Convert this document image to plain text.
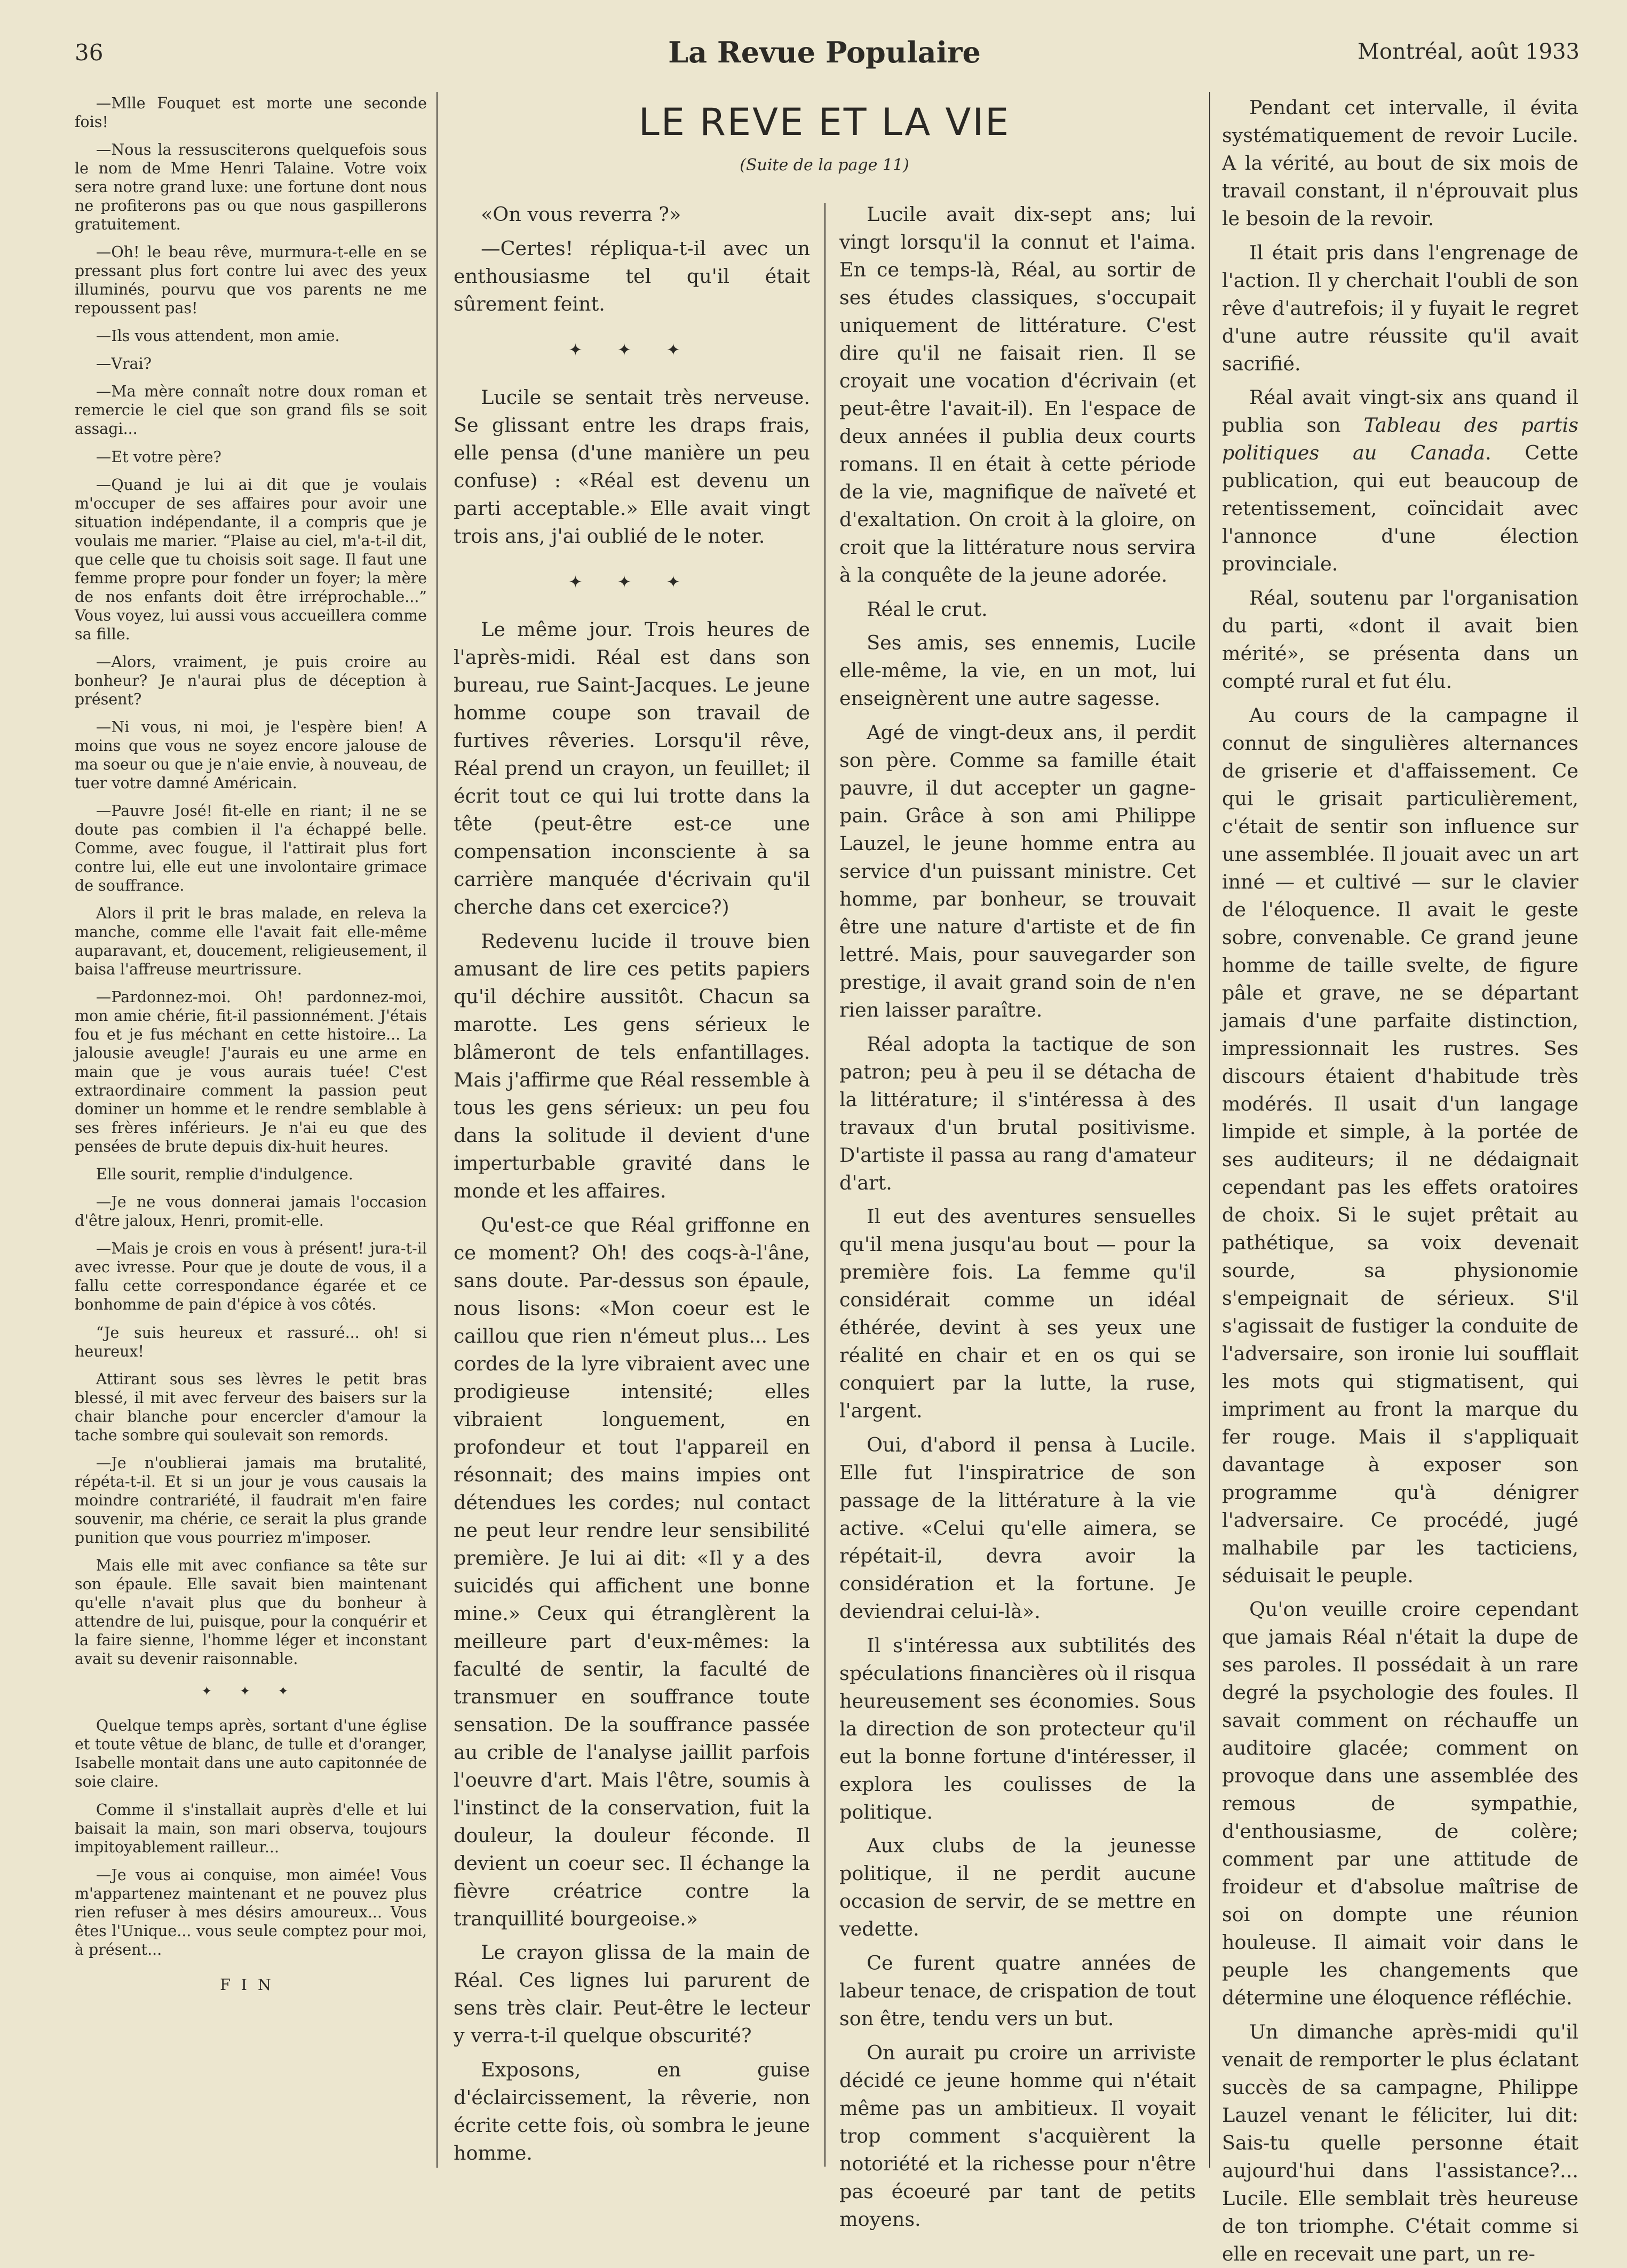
36	La Revue Populaire	Montréal, août 1933
LE REVE ET LA VIE
(Suite de la page 11)

—Mlle Fouquet est morte une seconde fois!

—Nous la ressusciterons quelquefois sous le nom de Mme Henri Talaine. Votre voix sera notre grand luxe: une fortune dont nous ne profiterons pas ou que nous gaspillerons gratuitement.

—Oh! le beau rêve, murmura-t-elle en se pressant plus fort contre lui avec des yeux illuminés, pourvu que vos parents ne me repoussent pas!

—Ils vous attendent, mon amie.

—Vrai?

—Ma mère connaît notre doux roman et remercie le ciel que son grand fils se soit assagi...

—Et votre père?

—Quand je lui ai dit que je voulais m'occuper de ses affaires pour avoir une situation indépendante, il a compris que je voulais me marier. “Plaise au ciel, m'a-t-il dit, que celle que tu choisis soit sage. Il faut une femme propre pour fonder un foyer; la mère de nos enfants doit être irréprochable...” Vous voyez, lui aussi vous accueillera comme sa fille.

—Alors, vraiment, je puis croire au bonheur? Je n'aurai plus de déception à présent?

—Ni vous, ni moi, je l'espère bien! A moins que vous ne soyez encore jalouse de ma soeur ou que je n'aie envie, à nouveau, de tuer votre damné Américain.

—Pauvre José! fit-elle en riant; il ne se doute pas combien il l'a échappé belle. Comme, avec fougue, il l'attirait plus fort contre lui, elle eut une involontaire grimace de souffrance.

Alors il prit le bras malade, en releva la manche, comme elle l'avait fait elle-même auparavant, et, doucement, religieusement, il baisa l'affreuse meurtrissure.

—Pardonnez-moi. Oh! pardonnez-moi, mon amie chérie, fit-il passionnément. J'étais fou et je fus méchant en cette histoire... La jalousie aveugle! J'aurais eu une arme en main que je vous aurais tuée! C'est extraordinaire comment la passion peut dominer un homme et le rendre semblable à ses frères inférieurs. Je n'ai eu que des pensées de brute depuis dix-huit heures.

Elle sourit, remplie d'indulgence.

—Je ne vous donnerai jamais l'occasion d'être jaloux, Henri, promit-elle.

—Mais je crois en vous à présent! jura-t-il avec ivresse. Pour que je doute de vous, il a fallu cette correspondance égarée et ce bonhomme de pain d'épice à vos côtés.

“Je suis heureux et rassuré... oh! si heureux!

Attirant sous ses lèvres le petit bras blessé, il mit avec ferveur des baisers sur la chair blanche pour encercler d'amour la tache sombre qui soulevait son remords.

—Je n'oublierai jamais ma brutalité, répéta-t-il. Et si un jour je vous causais la moindre contrariété, il faudrait m'en faire souvenir, ma chérie, ce serait la plus grande punition que vous pourriez m'imposer.

Mais elle mit avec confiance sa tête sur son épaule. Elle savait bien maintenant qu'elle n'avait plus que du bonheur à attendre de lui, puisque, pour la conquérir et la faire sienne, l'homme léger et inconstant avait su devenir raisonnable.

✦ ✦ ✦

Quelque temps après, sortant d'une église et toute vêtue de blanc, de tulle et d'oranger, Isabelle montait dans une auto capitonnée de soie claire.

Comme il s'installait auprès d'elle et lui baisait la main, son mari observa, toujours impitoyablement railleur...

—Je vous ai conquise, mon aimée! Vous m'appartenez maintenant et ne pouvez plus rien refuser à mes désirs amoureux... Vous êtes l'Unique... vous seule comptez pour moi, à présent...

FIN

«On vous reverra ?»

—Certes! répliqua-t-il avec un enthousiasme tel qu'il était sûrement feint.

✦ ✦ ✦

Lucile se sentait très nerveuse. Se glissant entre les draps frais, elle pensa (d'une manière un peu confuse) : «Réal est devenu un parti acceptable.» Elle avait vingt trois ans, j'ai oublié de le noter.

✦ ✦ ✦

Le même jour. Trois heures de l'après-midi. Réal est dans son bureau, rue Saint-Jacques. Le jeune homme coupe son travail de furtives rêveries. Lorsqu'il rêve, Réal prend un crayon, un feuillet; il écrit tout ce qui lui trotte dans la tête (peut-être est-ce une compensation inconsciente à sa carrière manquée d'écrivain qu'il cherche dans cet exercice?)

Redevenu lucide il trouve bien amusant de lire ces petits papiers qu'il déchire aussitôt. Chacun sa marotte. Les gens sérieux le blâmeront de tels enfantillages. Mais j'affirme que Réal ressemble à tous les gens sérieux: un peu fou dans la solitude il devient d'une imperturbable gravité dans le monde et les affaires.

Qu'est-ce que Réal griffonne en ce moment? Oh! des coqs-à-l'âne, sans doute. Par-dessus son épaule, nous lisons: «Mon coeur est le caillou que rien n'émeut plus... Les cordes de la lyre vibraient avec une prodigieuse intensité; elles vibraient longuement, en profondeur et tout l'appareil en résonnait; des mains impies ont détendues les cordes; nul contact ne peut leur rendre leur sensibilité première. Je lui ai dit: «Il y a des suicidés qui affichent une bonne mine.» Ceux qui étranglèrent la meilleure part d'eux-mêmes: la faculté de sentir, la faculté de transmuer en souffrance toute sensation. De la souffrance passée au crible de l'analyse jaillit parfois l'oeuvre d'art. Mais l'être, soumis à l'instinct de la conservation, fuit la douleur, la douleur féconde. Il devient un coeur sec. Il échange la fièvre créatrice contre la tranquillité bourgeoise.»

Le crayon glissa de la main de Réal. Ces lignes lui parurent de sens très clair. Peut-être le lecteur y verra-t-il quelque obscurité?

Exposons, en guise d'éclaircissement, la rêverie, non écrite cette fois, où sombra le jeune homme.

Lucile avait dix-sept ans; lui vingt lorsqu'il la connut et l'aima. En ce temps-là, Réal, au sortir de ses études classiques, s'occupait uniquement de littérature. C'est dire qu'il ne faisait rien. Il se croyait une vocation d'écrivain (et peut-être l'avait-il). En l'espace de deux années il publia deux courts romans. Il en était à cette période de la vie, magnifique de naïveté et d'exaltation. On croit à la gloire, on croit que la littérature nous servira à la conquête de la jeune adorée.

Réal le crut.

Ses amis, ses ennemis, Lucile elle-même, la vie, en un mot, lui enseignèrent une autre sagesse.

Agé de vingt-deux ans, il perdit son père. Comme sa famille était pauvre, il dut accepter un gagne-pain. Grâce à son ami Philippe Lauzel, le jeune homme entra au service d'un puissant ministre. Cet homme, par bonheur, se trouvait être une nature d'artiste et de fin lettré. Mais, pour sauvegarder son prestige, il avait grand soin de n'en rien laisser paraître.

Réal adopta la tactique de son patron; peu à peu il se détacha de la littérature; il s'intéressa à des travaux d'un brutal positivisme. D'artiste il passa au rang d'amateur d'art.

Il eut des aventures sensuelles qu'il mena jusqu'au bout — pour la première fois. La femme qu'il considérait comme un idéal éthérée, devint à ses yeux une réalité en chair et en os qui se conquiert par la lutte, la ruse, l'argent.

Oui, d'abord il pensa à Lucile. Elle fut l'inspiratrice de son passage de la littérature à la vie active. «Celui qu'elle aimera, se répétait-il, devra avoir la considération et la fortune. Je deviendrai celui-là».

Il s'intéressa aux subtilités des spéculations financières où il risqua heureusement ses économies. Sous la direction de son protecteur qu'il eut la bonne fortune d'intéresser, il explora les coulisses de la politique.

Aux clubs de la jeunesse politique, il ne perdit aucune occasion de servir, de se mettre en vedette.

Ce furent quatre années de labeur tenace, de crispation de tout son être, tendu vers un but.

On aurait pu croire un arriviste décidé ce jeune homme qui n'était même pas un ambitieux. Il voyait trop comment s'acquièrent la notoriété et la richesse pour n'être pas écoeuré par tant de petits moyens.

Pendant cet intervalle, il évita systématiquement de revoir Lucile. A la vérité, au bout de six mois de travail constant, il n'éprouvait plus le besoin de la revoir.

Il était pris dans l'engrenage de l'action. Il y cherchait l'oubli de son rêve d'autrefois; il y fuyait le regret d'une autre réussite qu'il avait sacrifié.

Réal avait vingt-six ans quand il publia son Tableau des partis politiques au Canada. Cette publication, qui eut beaucoup de retentissement, coïncidait avec l'annonce d'une élection provinciale.

Réal, soutenu par l'organisation du parti, «dont il avait bien mérité», se présenta dans un compté rural et fut élu.

Au cours de la campagne il connut de singulières alternances de griserie et d'affaissement. Ce qui le grisait particulièrement, c'était de sentir son influence sur une assemblée. Il jouait avec un art inné — et cultivé — sur le clavier de l'éloquence. Il avait le geste sobre, convenable. Ce grand jeune homme de taille svelte, de figure pâle et grave, ne se départant jamais d'une parfaite distinction, impressionnait les rustres. Ses discours étaient d'habitude très modérés. Il usait d'un langage limpide et simple, à la portée de ses auditeurs; il ne dédaignait cependant pas les effets oratoires de choix. Si le sujet prêtait au pathétique, sa voix devenait sourde, sa physionomie s'empeignait de sérieux. S'il s'agissait de fustiger la conduite de l'adversaire, son ironie lui soufflait les mots qui stigmatisent, qui impriment au front la marque du fer rouge. Mais il s'appliquait davantage à exposer son programme qu'à dénigrer l'adversaire. Ce procédé, jugé malhabile par les tacticiens, séduisait le peuple.

Qu'on veuille croire cependant que jamais Réal n'était la dupe de ses paroles. Il possédait à un rare degré la psychologie des foules. Il savait comment on réchauffe un auditoire glacée; comment on provoque dans une assemblée des remous de sympathie, d'enthousiasme, de colère; comment par une attitude de froideur et d'absolue maîtrise de soi on dompte une réunion houleuse. Il aimait voir dans le peuple les changements que détermine une éloquence réfléchie.

Un dimanche après-midi qu'il venait de remporter le plus éclatant succès de sa campagne, Philippe Lauzel venant le féliciter, lui dit: Sais-tu quelle personne était aujourd'hui dans l'assistance?... Lucile. Elle semblait très heureuse de ton triomphe. C'était comme si elle en recevait une part, un re-
